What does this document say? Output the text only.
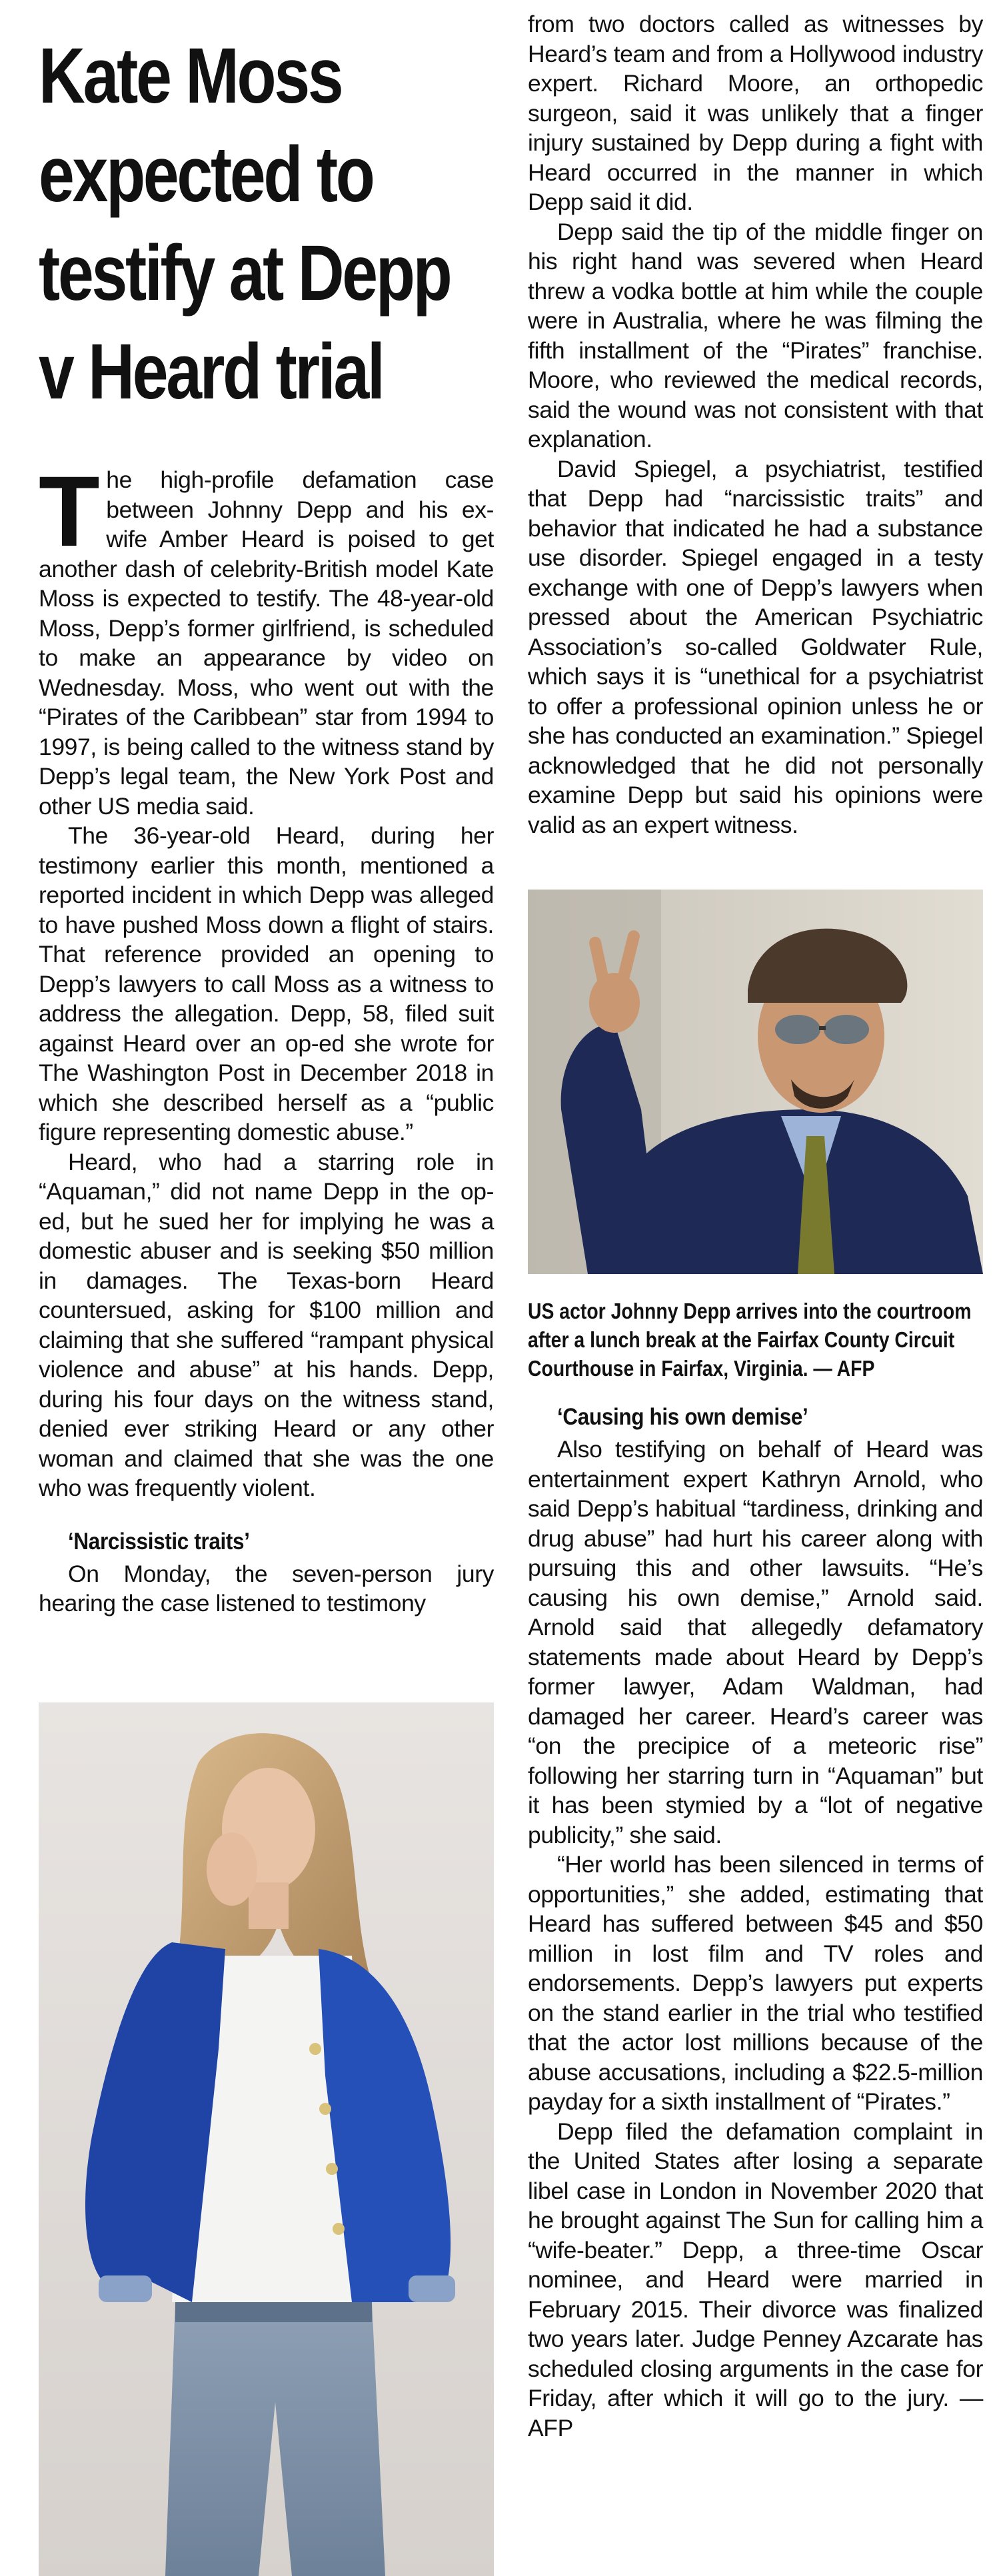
Kate Moss expected to testify at Depp v Heard trial

The high-profile defamation case between Johnny Depp and his ex-wife Amber Heard is poised to get another dash of celebrity-British model Kate Moss is expected to testify. The 48-year-old Moss, Depp’s former girlfriend, is scheduled to make an appearance by video on Wednesday. Moss, who went out with the “Pirates of the Caribbean” star from 1994 to 1997, is being called to the witness stand by Depp’s legal team, the New York Post and other US media said.

The 36-year-old Heard, during her testimony earlier this month, mentioned a reported incident in which Depp was alleged to have pushed Moss down a flight of stairs. That reference provided an opening to Depp’s lawyers to call Moss as a witness to address the allegation. Depp, 58, filed suit against Heard over an op-ed she wrote for The Washington Post in December 2018 in which she described herself as a “public figure representing domestic abuse.”

Heard, who had a starring role in “Aquaman,” did not name Depp in the op-ed, but he sued her for implying he was a domestic abuser and is seeking $50 million in damages. The Texas-born Heard countersued, asking for $100 million and claiming that she suffered “rampant physical violence and abuse” at his hands. Depp, during his four days on the witness stand, denied ever striking Heard or any other woman and claimed that she was the one who was frequently violent.

‘Narcissistic traits’

On Monday, the seven-person jury hearing the case listened to testimony

from two doctors called as witnesses by Heard’s team and from a Hollywood industry expert. Richard Moore, an orthopedic surgeon, said it was unlikely that a finger injury sustained by Depp during a fight with Heard occurred in the manner in which Depp said it did.

Depp said the tip of the middle finger on his right hand was severed when Heard threw a vodka bottle at him while the couple were in Australia, where he was filming the fifth installment of the “Pirates” franchise. Moore, who reviewed the medical records, said the wound was not consistent with that explanation.

David Spiegel, a psychiatrist, testified that Depp had “narcissistic traits” and behavior that indicated he had a substance use disorder. Spiegel engaged in a testy exchange with one of Depp’s lawyers when pressed about the American Psychiatric Association’s so-called Goldwater Rule, which says it is “unethical for a psychiatrist to offer a professional opinion unless he or she has conducted an examination.” Spiegel acknowledged that he did not personally examine Depp but said his opinions were valid as an expert witness.

US actor Johnny Depp arrives into the courtroom after a lunch break at the Fairfax County Circuit Courthouse in Fairfax, Virginia. — AFP

‘Causing his own demise’

Also testifying on behalf of Heard was entertainment expert Kathryn Arnold, who said Depp’s habitual “tardiness, drinking and drug abuse” had hurt his career along with pursuing this and other lawsuits. “He’s causing his own demise,” Arnold said. Arnold said that allegedly defamatory statements made about Heard by Depp’s former lawyer, Adam Waldman, had damaged her career. Heard’s career was “on the precipice of a meteoric rise” following her starring turn in “Aquaman” but it has been stymied by a “lot of negative publicity,” she said.

“Her world has been silenced in terms of opportunities,” she added, estimating that Heard has suffered between $45 and $50 million in lost film and TV roles and endorsements. Depp’s lawyers put experts on the stand earlier in the trial who testified that the actor lost millions because of the abuse accusations, including a $22.5-million payday for a sixth installment of “Pirates.”

Depp filed the defamation complaint in the United States after losing a separate libel case in London in November 2020 that he brought against The Sun for calling him a “wife-beater.” Depp, a three-time Oscar nominee, and Heard were married in February 2015. Their divorce was finalized two years later. Judge Penney Azcarate has scheduled closing arguments in the case for Friday, after which it will go to the jury. — AFP
